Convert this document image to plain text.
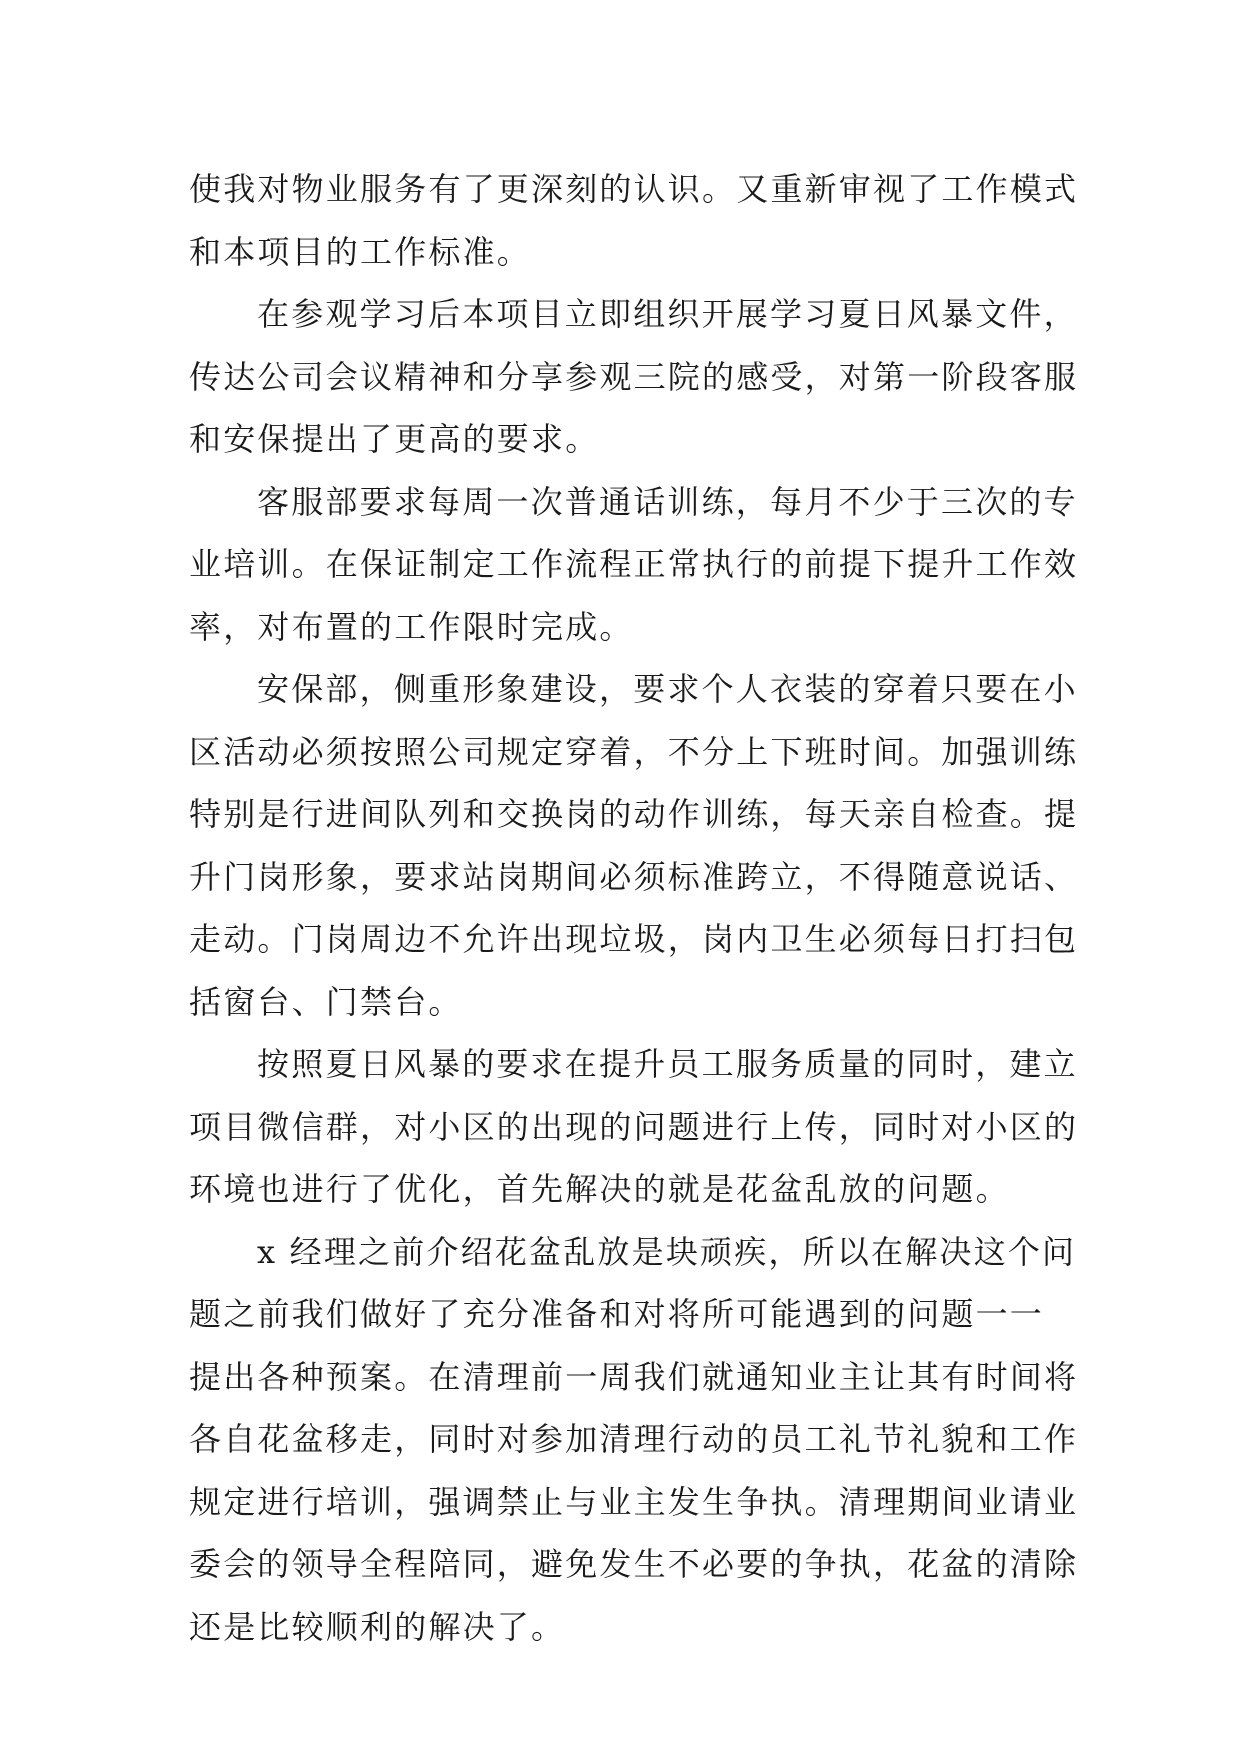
使我对物业服务有了更深刻的认识。又重新审视了工作模式
和本项目的工作标准。
在参观学习后本项目立即组织开展学习夏日风暴文件，
传达公司会议精神和分享参观三院的感受，对第一阶段客服
和安保提出了更高的要求。
客服部要求每周一次普通话训练，每月不少于三次的专
业培训。在保证制定工作流程正常执行的前提下提升工作效
率，对布置的工作限时完成。
安保部，侧重形象建设，要求个人衣装的穿着只要在小
区活动必须按照公司规定穿着，不分上下班时间。加强训练
特别是行进间队列和交换岗的动作训练，每天亲自检查。提
升门岗形象，要求站岗期间必须标准跨立，不得随意说话、
走动。门岗周边不允许出现垃圾，岗内卫生必须每日打扫包
括窗台、门禁台。
按照夏日风暴的要求在提升员工服务质量的同时，建立
项目微信群，对小区的出现的问题进行上传，同时对小区的
环境也进行了优化，首先解决的就是花盆乱放的问题。
x 经理之前介绍花盆乱放是块顽疾，所以在解决这个问
题之前我们做好了充分准备和对将所可能遇到的问题一一
提出各种预案。在清理前一周我们就通知业主让其有时间将
各自花盆移走，同时对参加清理行动的员工礼节礼貌和工作
规定进行培训，强调禁止与业主发生争执。清理期间业请业
委会的领导全程陪同，避免发生不必要的争执，花盆的清除
还是比较顺利的解决了。
